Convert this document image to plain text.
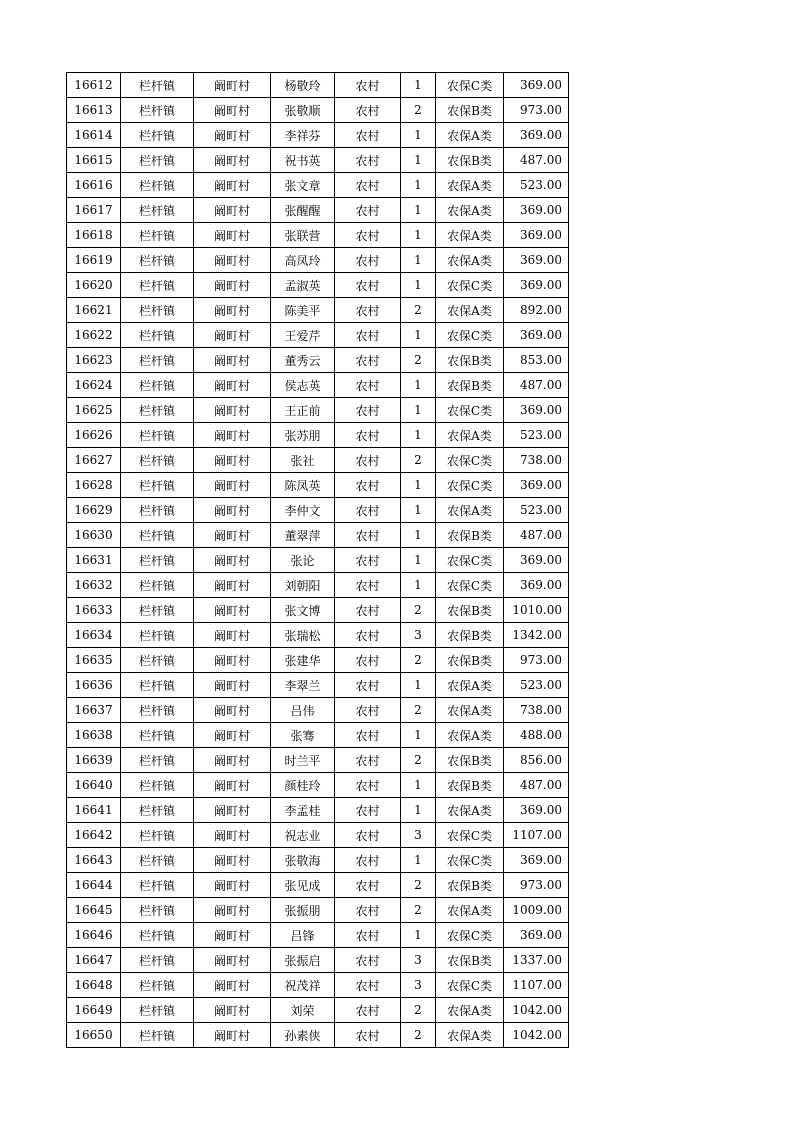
16612	栏杆镇	阚町村	杨敬玲	农村	1	农保C类	369.00
16613	栏杆镇	阚町村	张敬顺	农村	2	农保B类	973.00
16614	栏杆镇	阚町村	李祥芬	农村	1	农保A类	369.00
16615	栏杆镇	阚町村	祝书英	农村	1	农保B类	487.00
16616	栏杆镇	阚町村	张文章	农村	1	农保A类	523.00
16617	栏杆镇	阚町村	张醒醒	农村	1	农保A类	369.00
16618	栏杆镇	阚町村	张联营	农村	1	农保A类	369.00
16619	栏杆镇	阚町村	高凤玲	农村	1	农保A类	369.00
16620	栏杆镇	阚町村	孟淑英	农村	1	农保C类	369.00
16621	栏杆镇	阚町村	陈美平	农村	2	农保A类	892.00
16622	栏杆镇	阚町村	王爱芹	农村	1	农保C类	369.00
16623	栏杆镇	阚町村	董秀云	农村	2	农保B类	853.00
16624	栏杆镇	阚町村	侯志英	农村	1	农保B类	487.00
16625	栏杆镇	阚町村	王正前	农村	1	农保C类	369.00
16626	栏杆镇	阚町村	张苏朋	农村	1	农保A类	523.00
16627	栏杆镇	阚町村	张社	农村	2	农保C类	738.00
16628	栏杆镇	阚町村	陈凤英	农村	1	农保C类	369.00
16629	栏杆镇	阚町村	李仲文	农村	1	农保A类	523.00
16630	栏杆镇	阚町村	董翠萍	农村	1	农保B类	487.00
16631	栏杆镇	阚町村	张论	农村	1	农保C类	369.00
16632	栏杆镇	阚町村	刘朝阳	农村	1	农保C类	369.00
16633	栏杆镇	阚町村	张文博	农村	2	农保B类	1010.00
16634	栏杆镇	阚町村	张瑞松	农村	3	农保B类	1342.00
16635	栏杆镇	阚町村	张建华	农村	2	农保B类	973.00
16636	栏杆镇	阚町村	李翠兰	农村	1	农保A类	523.00
16637	栏杆镇	阚町村	吕伟	农村	2	农保A类	738.00
16638	栏杆镇	阚町村	张骞	农村	1	农保A类	488.00
16639	栏杆镇	阚町村	时兰平	农村	2	农保B类	856.00
16640	栏杆镇	阚町村	颜桂玲	农村	1	农保B类	487.00
16641	栏杆镇	阚町村	李孟桂	农村	1	农保A类	369.00
16642	栏杆镇	阚町村	祝志业	农村	3	农保C类	1107.00
16643	栏杆镇	阚町村	张敬海	农村	1	农保C类	369.00
16644	栏杆镇	阚町村	张见成	农村	2	农保B类	973.00
16645	栏杆镇	阚町村	张振朋	农村	2	农保A类	1009.00
16646	栏杆镇	阚町村	吕锋	农村	1	农保C类	369.00
16647	栏杆镇	阚町村	张振启	农村	3	农保B类	1337.00
16648	栏杆镇	阚町村	祝茂祥	农村	3	农保C类	1107.00
16649	栏杆镇	阚町村	刘荣	农村	2	农保A类	1042.00
16650	栏杆镇	阚町村	孙素侠	农村	2	农保A类	1042.00
